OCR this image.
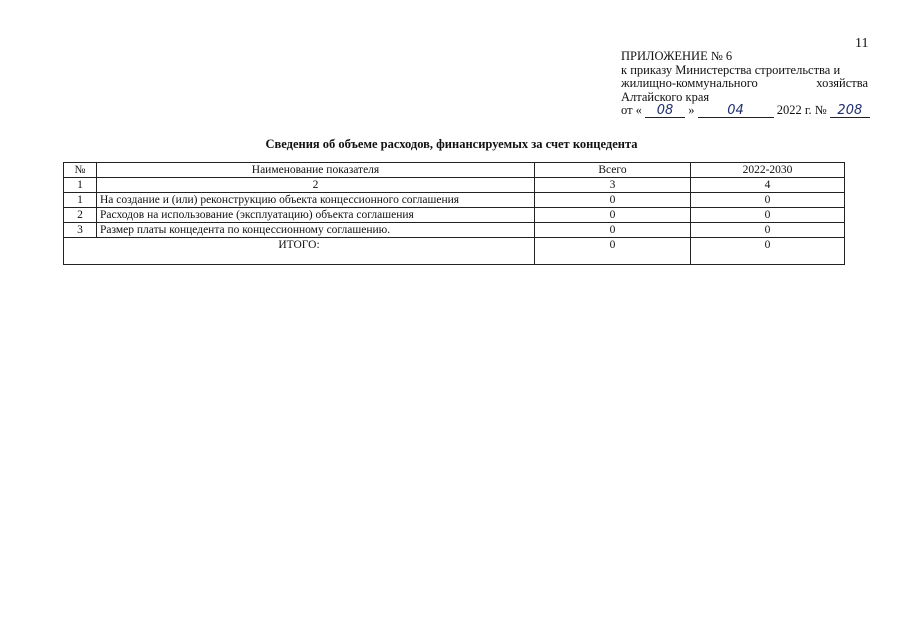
11
ПРИЛОЖЕНИЕ № 6
к приказу Министерства строительства и
жилищно-коммунального	хозяйства
Алтайского края
от « 08 »	04	2022 г. № 208
Сведения об объеме расходов, финансируемых за счет концедента
№	Наименование показателя	Всего	2022-2030
1	2	3	4
1	На создание и (или) реконструкцию объекта концессионного соглашения	0	0
2	Расходов на использование (эксплуатацию) объекта соглашения	0	0
3	Размер платы концедента по концессионному соглашению.	0	0
ИТОГО:		0	0
